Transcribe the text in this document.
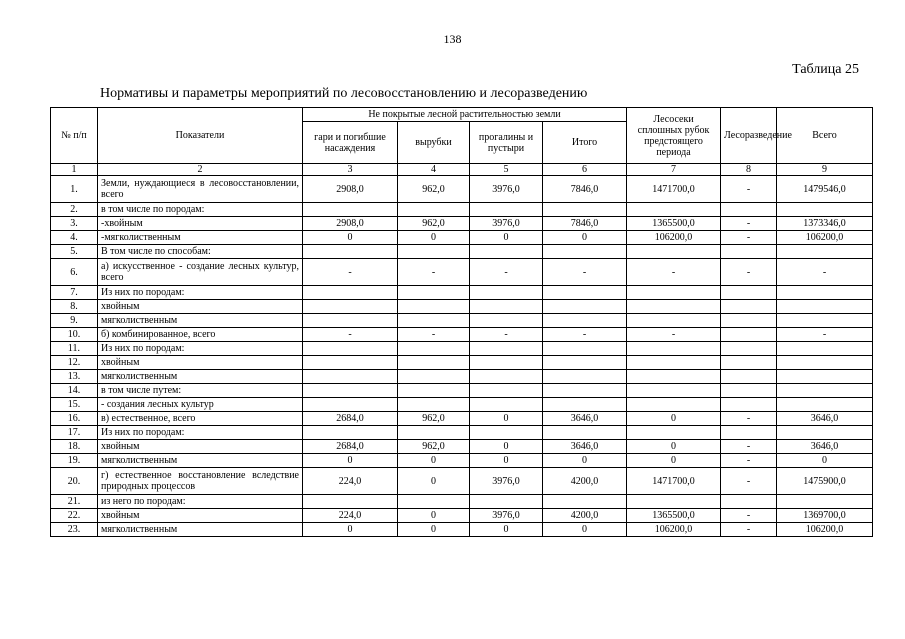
138
Таблица 25
Нормативы и параметры мероприятий по лесовосстановлению и лесоразведению
№ п/п	Показатели	Не покрытые лесной растительностью земли				Лесосеки сплошных рубок предстоящего периода	Лесоразведение	Всего
		гари и погибшие насаждения	вырубки	прогалины и пустыри	Итого			
1	2	3	4	5	6	7	8	9
1.	Земли, нуждающиеся в лесовосстановлении, всего	2908,0	962,0	3976,0	7846,0	1471700,0	-	1479546,0
2.	в том числе по породам:							
3.	-хвойным	2908,0	962,0	3976,0	7846,0	1365500,0	-	1373346,0
4.	-мягколиственным	0	0	0	0	106200,0	-	106200,0
5.	В том числе по способам:							
6.	а) искусственное - создание лесных культур, всего	-	-	-	-	-	-	-
7.	Из них по породам:							
8.	хвойным							
9.	мягколиственным							
10.	б) комбинированное, всего	-	-	-	-	-		-
11.	Из них по породам:							
12.	хвойным							
13.	мягколиственным							
14.	в том числе путем:							
15.	- создания лесных культур							
16.	в) естественное, всего	2684,0	962,0	0	3646,0	0	-	3646,0
17.	Из них по породам:							
18.	хвойным	2684,0	962,0	0	3646,0	0	-	3646,0
19.	мягколиственным	0	0	0	0	0	-	0
20.	г) естественное восстановление вследствие природных процессов	224,0	0	3976,0	4200,0	1471700,0	-	1475900,0
21.	из него по породам:							
22.	хвойным	224,0	0	3976,0	4200,0	1365500,0	-	1369700,0
23.	мягколиственным	0	0	0	0	106200,0	-	106200,0
